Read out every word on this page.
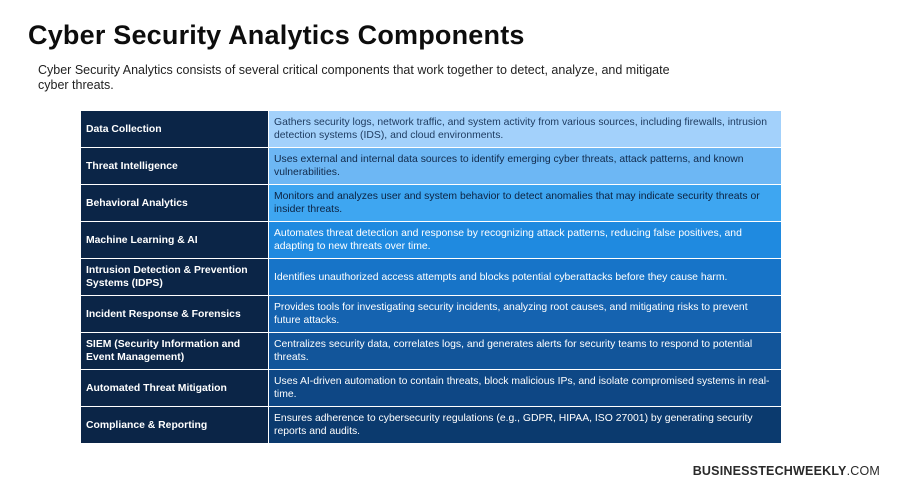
Cyber Security Analytics Components

Cyber Security Analytics consists of several critical components that work together to detect, analyze, and mitigate cyber threats.

Data Collection	Gathers security logs, network traffic, and system activity from various sources, including firewalls, intrusion detection systems (IDS), and cloud environments.
Threat Intelligence	Uses external and internal data sources to identify emerging cyber threats, attack patterns, and known vulnerabilities.
Behavioral Analytics	Monitors and analyzes user and system behavior to detect anomalies that may indicate security threats or insider threats.
Machine Learning & AI	Automates threat detection and response by recognizing attack patterns, reducing false positives, and adapting to new threats over time.
Intrusion Detection & Prevention Systems (IDPS)	Identifies unauthorized access attempts and blocks potential cyberattacks before they cause harm.
Incident Response & Forensics	Provides tools for investigating security incidents, analyzing root causes, and mitigating risks to prevent future attacks.
SIEM (Security Information and Event Management)	Centralizes security data, correlates logs, and generates alerts for security teams to respond to potential threats.
Automated Threat Mitigation	Uses AI-driven automation to contain threats, block malicious IPs, and isolate compromised systems in real-time.
Compliance & Reporting	Ensures adherence to cybersecurity regulations (e.g., GDPR, HIPAA, ISO 27001) by generating security reports and audits.
BUSINESSTECHWEEKLY.COM
